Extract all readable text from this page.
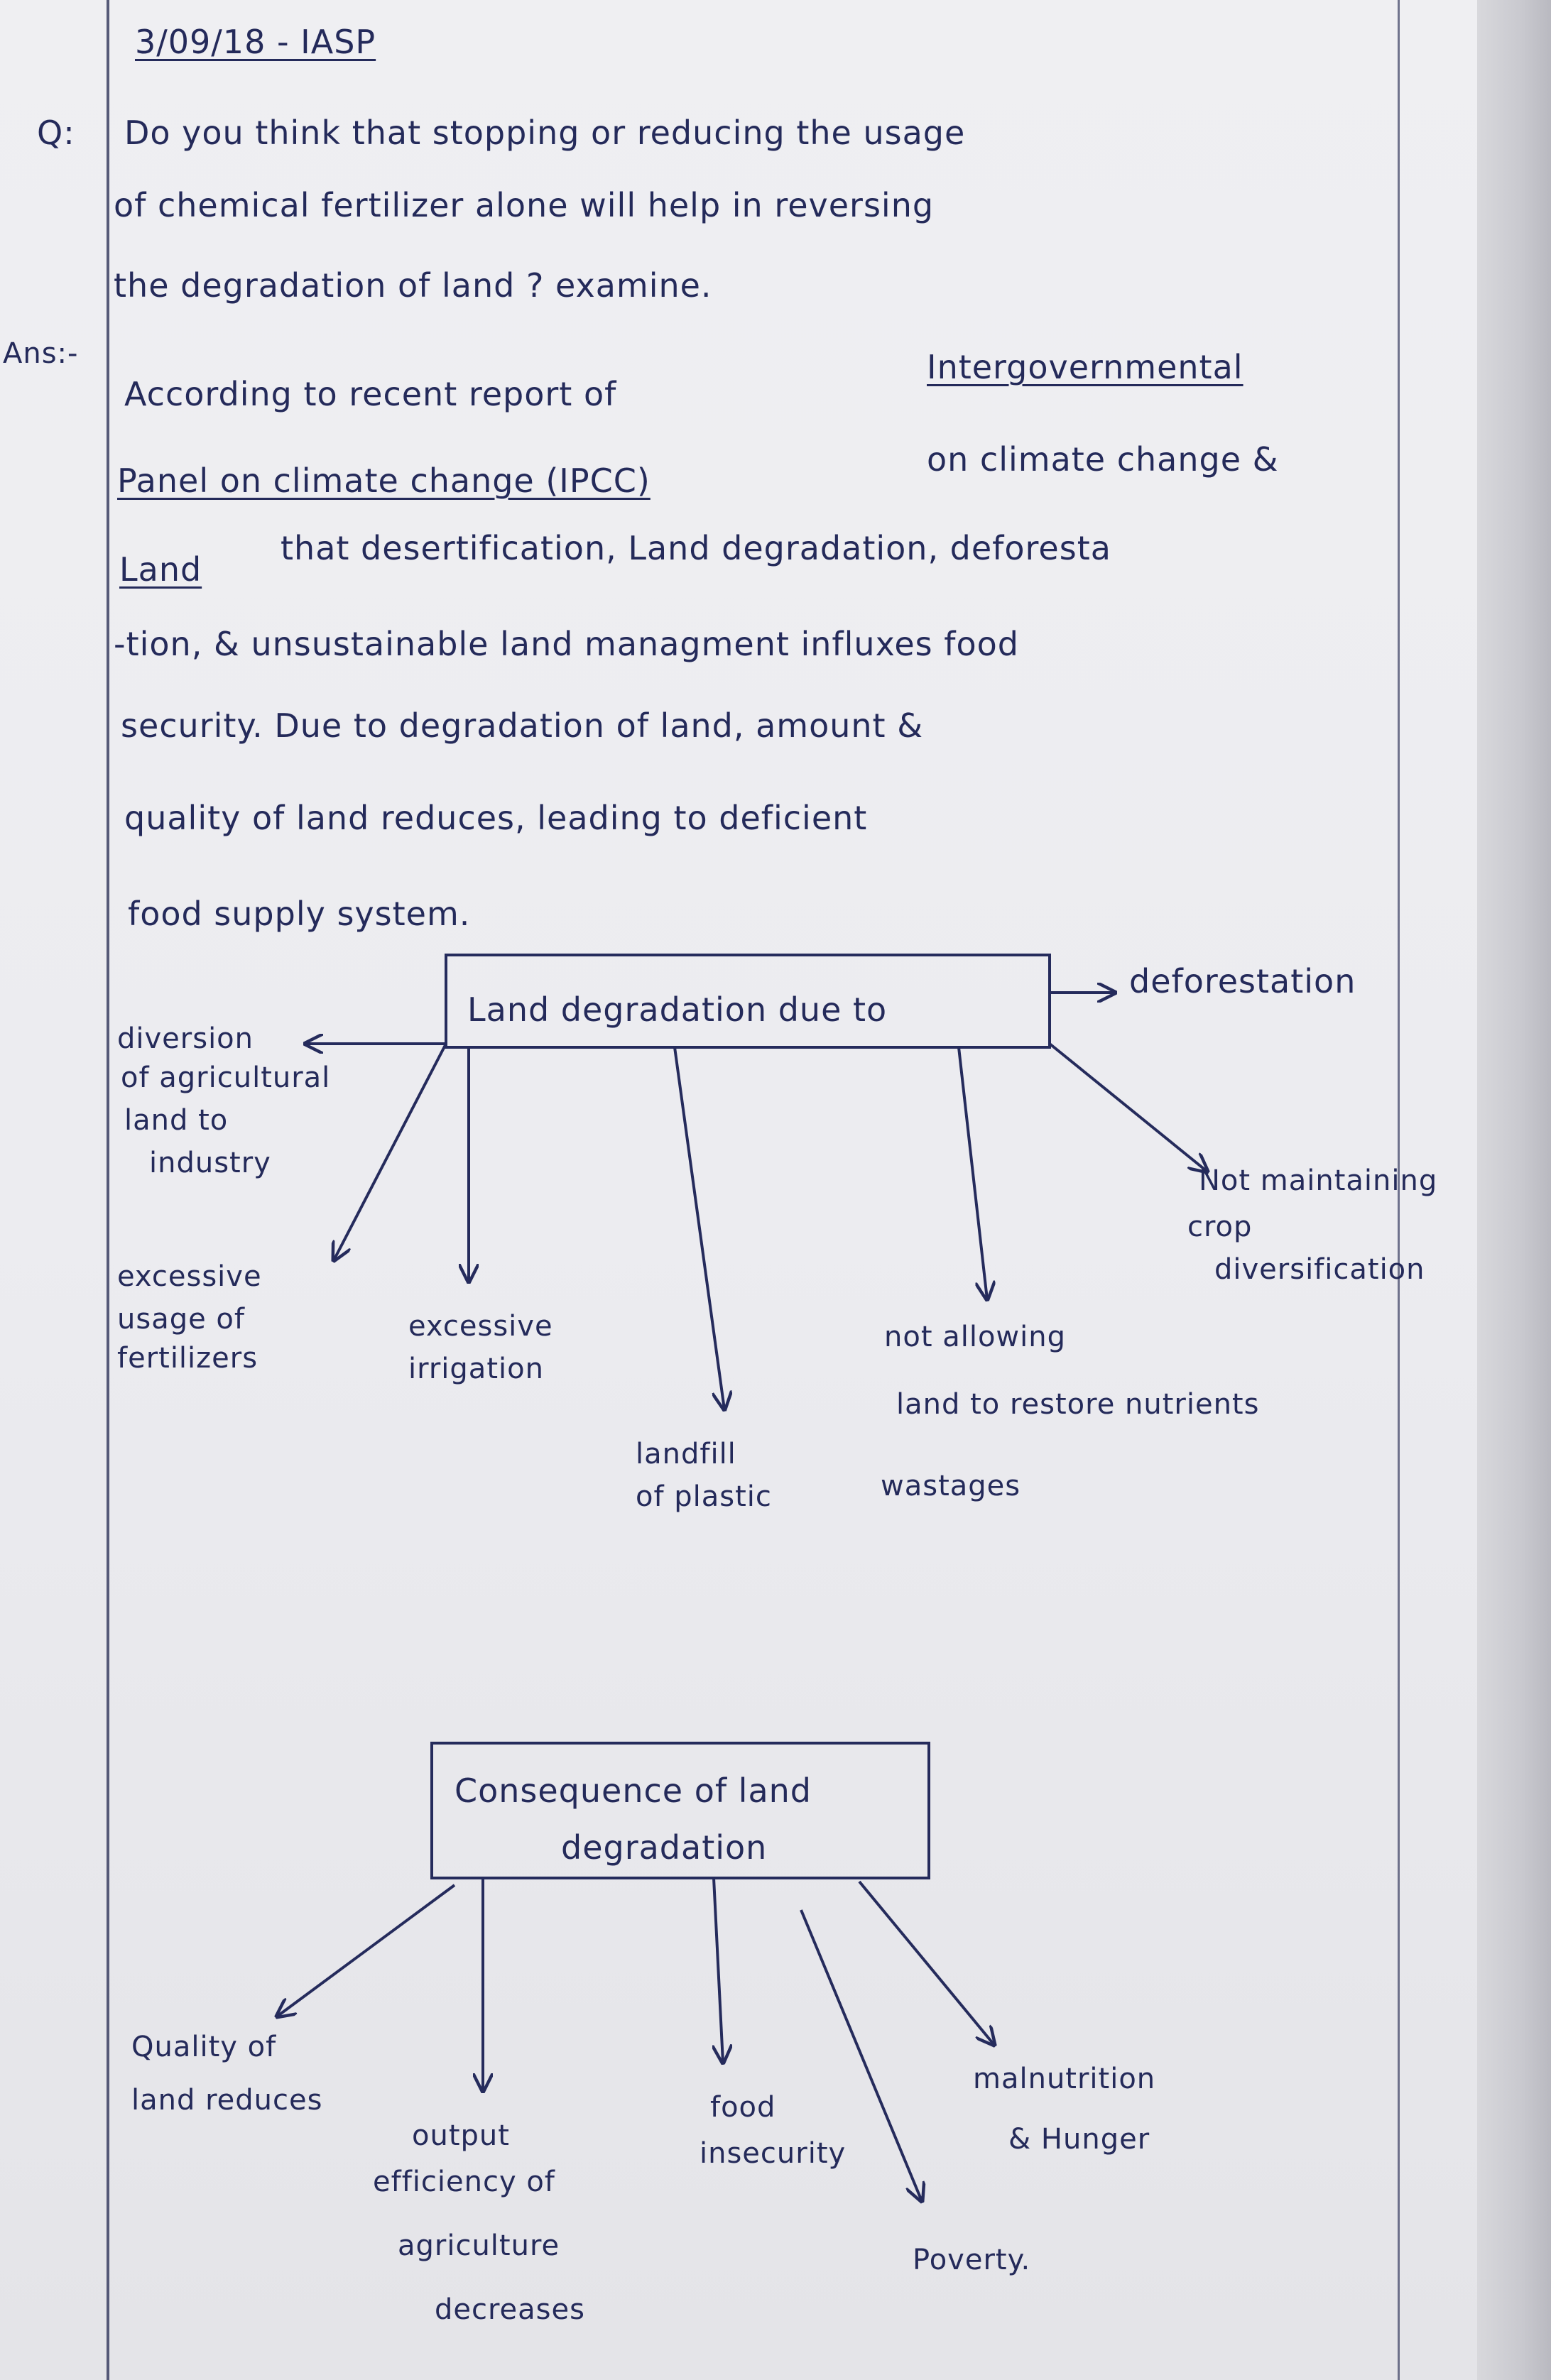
3/09/18 - IASP
Q: Do you think that stopping or reducing the usage
of chemical fertilizer alone will help in reversing
the degradation of land ? examine.
Ans:-
According to recent report of
Intergovernmental
Panel on climate change (IPCC)
on climate change &
Land
that desertification, Land degradation, deforesta
-tion, & unsustainable land managment influxes food
security. Due to degradation of land, amount &
quality of land reduces, leading to deficient
food supply system.
Land degradation due to
deforestation
diversion
of agricultural
land to
industry
Not maintaining
crop
diversification
excessive
usage of
fertilizers
excessive
irrigation
not allowing
land to restore nutrients
landfill
of plastic	wastages
Consequence of land
degradation
Quality of
land reduces
output
efficiency of
agriculture
decreases
food
insecurity
Poverty.
malnutrition
& Hunger
